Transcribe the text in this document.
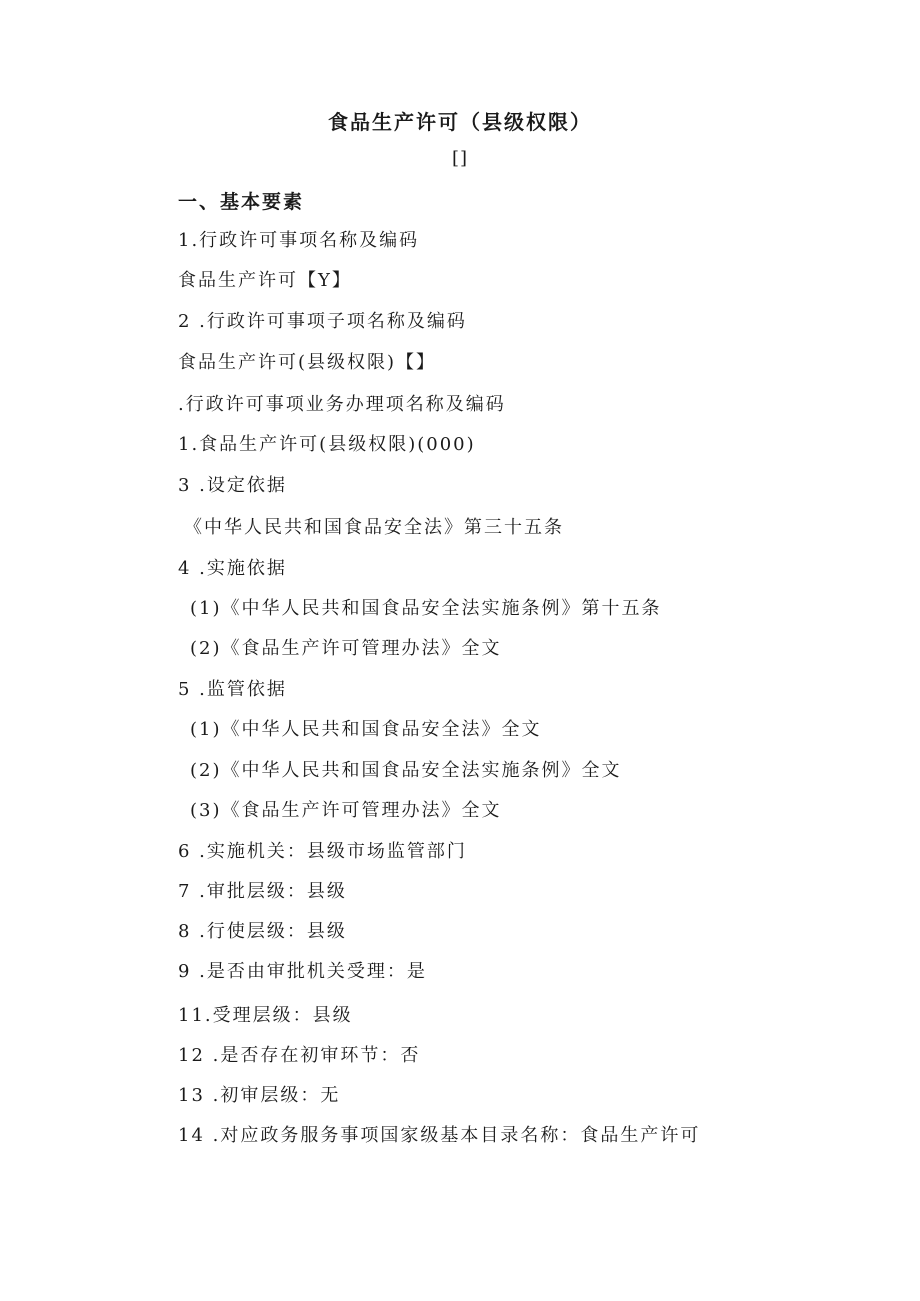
食品生产许可（县级权限）
[]
一、基本要素
1.行政许可事项名称及编码
食品生产许可【Y】
2 .行政许可事项子项名称及编码
食品生产许可(县级权限)【】
.行政许可事项业务办理项名称及编码
1.食品生产许可(县级权限)(000)
3 .设定依据
《中华人民共和国食品安全法》第三十五条
4 .实施依据
(1)《中华人民共和国食品安全法实施条例》第十五条
(2)《食品生产许可管理办法》全文
5 .监管依据
(1)《中华人民共和国食品安全法》全文
(2)《中华人民共和国食品安全法实施条例》全文
(3)《食品生产许可管理办法》全文
6 .实施机关：县级市场监管部门
7 .审批层级：县级
8 .行使层级：县级
9 .是否由审批机关受理：是
11.受理层级：县级
12 .是否存在初审环节：否
13 .初审层级：无
14 .对应政务服务事项国家级基本目录名称：食品生产许可
